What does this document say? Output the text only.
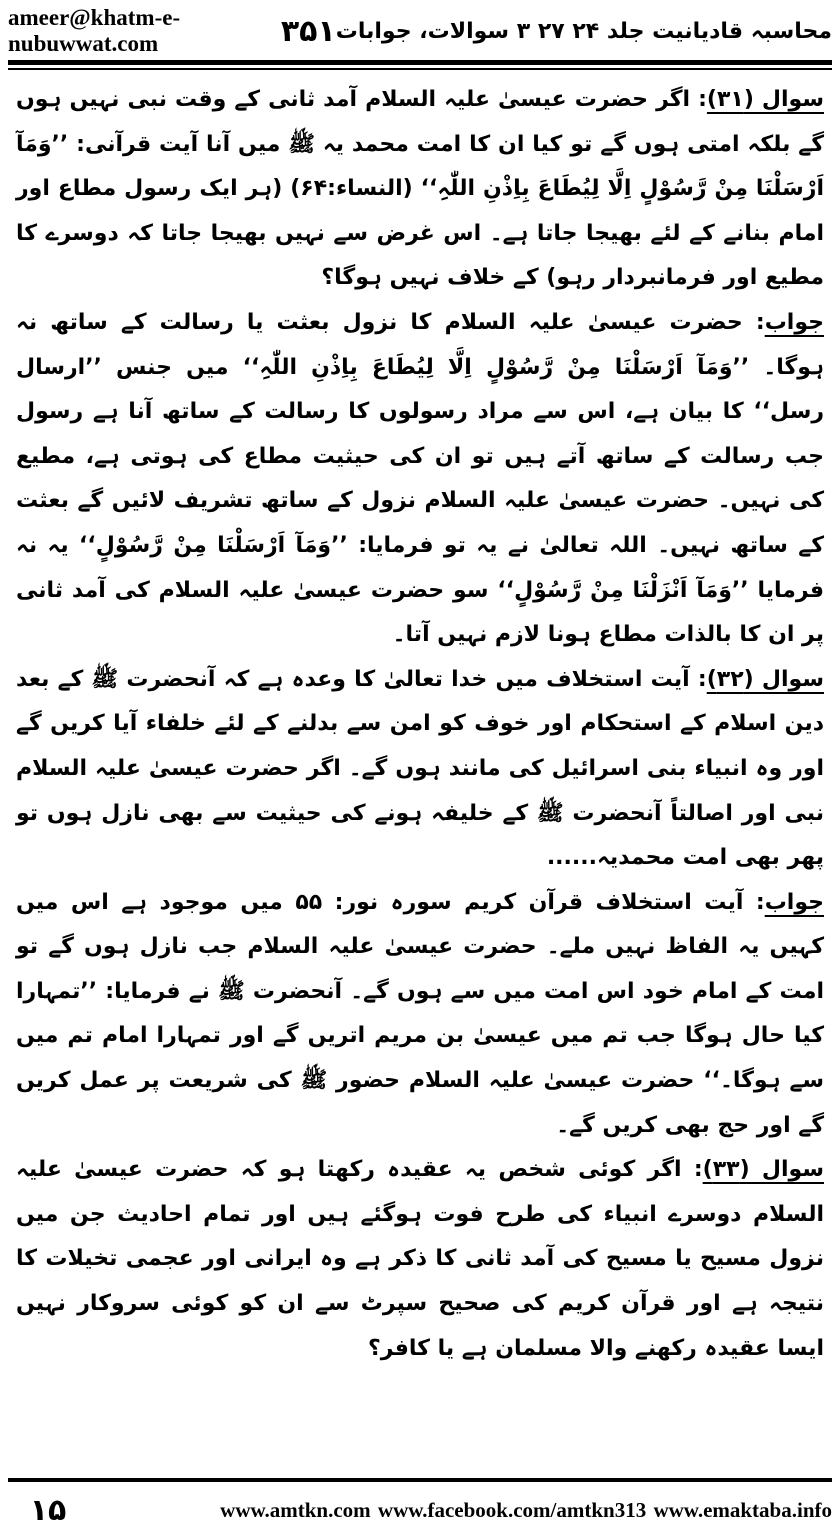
ameer@khatm-e-nubuwwat.com	۳۵۱ محاسبہ قادیانیت جلد ۲۴ ۲۷ ۳ سوالات، جوابات

سوال (۳۱): اگر حضرت عیسیٰ علیہ السلام آمد ثانی کے وقت نبی نہیں ہوں گے بلکہ امتی ہوں گے تو کیا ان کا امت محمد یہ ﷺ میں آنا آیت قرآنی: ’’وَمَآ اَرْسَلْنَا مِنْ رَّسُوْلٍ اِلَّا لِیُطَاعَ بِاِذْنِ اللّٰہِ‘‘ (النساء:۶۴) (ہر ایک رسول مطاع اور امام بنانے کے لئے بھیجا جاتا ہے۔ اس غرض سے نہیں بھیجا جاتا کہ دوسرے کا مطیع اور فرمانبردار رہو) کے خلاف نہیں ہوگا؟

جواب: حضرت عیسیٰ علیہ السلام کا نزول بعثت یا رسالت کے ساتھ نہ ہوگا۔ ’’وَمَآ اَرْسَلْنَا مِنْ رَّسُوْلٍ اِلَّا لِیُطَاعَ بِاِذْنِ اللّٰہِ‘‘ میں جنس ’’ارسال رسل‘‘ کا بیان ہے، اس سے مراد رسولوں کا رسالت کے ساتھ آنا ہے رسول جب رسالت کے ساتھ آتے ہیں تو ان کی حیثیت مطاع کی ہوتی ہے، مطیع کی نہیں۔ حضرت عیسیٰ علیہ السلام نزول کے ساتھ تشریف لائیں گے بعثت کے ساتھ نہیں۔ اللہ تعالیٰ نے یہ تو فرمایا: ’’وَمَآ اَرْسَلْنَا مِنْ رَّسُوْلٍ‘‘ یہ نہ فرمایا ’’وَمَآ اَنْزَلْنَا مِنْ رَّسُوْلٍ‘‘ سو حضرت عیسیٰ علیہ السلام کی آمد ثانی پر ان کا بالذات مطاع ہونا لازم نہیں آتا۔

سوال (۳۲): آیت استخلاف میں خدا تعالیٰ کا وعدہ ہے کہ آنحضرت ﷺ کے بعد دین اسلام کے استحکام اور خوف کو امن سے بدلنے کے لئے خلفاء آیا کریں گے اور وہ انبیاء بنی اسرائیل کی مانند ہوں گے۔ اگر حضرت عیسیٰ علیہ السلام نبی اور اصالتاً آنحضرت ﷺ کے خلیفہ ہونے کی حیثیت سے بھی نازل ہوں تو پھر بھی امت محمدیہ......

جواب: آیت استخلاف قرآن کریم سورہ نور: ۵۵ میں موجود ہے اس میں کہیں یہ الفاظ نہیں ملے۔ حضرت عیسیٰ علیہ السلام جب نازل ہوں گے تو امت کے امام خود اس امت میں سے ہوں گے۔ آنحضرت ﷺ نے فرمایا: ’’تمہارا کیا حال ہوگا جب تم میں عیسیٰ بن مریم اتریں گے اور تمہارا امام تم میں سے ہوگا۔‘‘ حضرت عیسیٰ علیہ السلام حضور ﷺ کی شریعت پر عمل کریں گے اور حج بھی کریں گے۔

سوال (۳۳): اگر کوئی شخص یہ عقیدہ رکھتا ہو کہ حضرت عیسیٰ علیہ السلام دوسرے انبیاء کی طرح فوت ہوگئے ہیں اور تمام احادیث جن میں نزول مسیح یا مسیح کی آمد ثانی کا ذکر ہے وہ ایرانی اور عجمی تخیلات کا نتیجہ ہے اور قرآن کریم کی صحیح سپرٹ سے ان کو کوئی سروکار نہیں ایسا عقیدہ رکھنے والا مسلمان ہے یا کافر؟

۱۵	www.amtkn.com www.facebook.com/amtkn313 www.emaktaba.info
